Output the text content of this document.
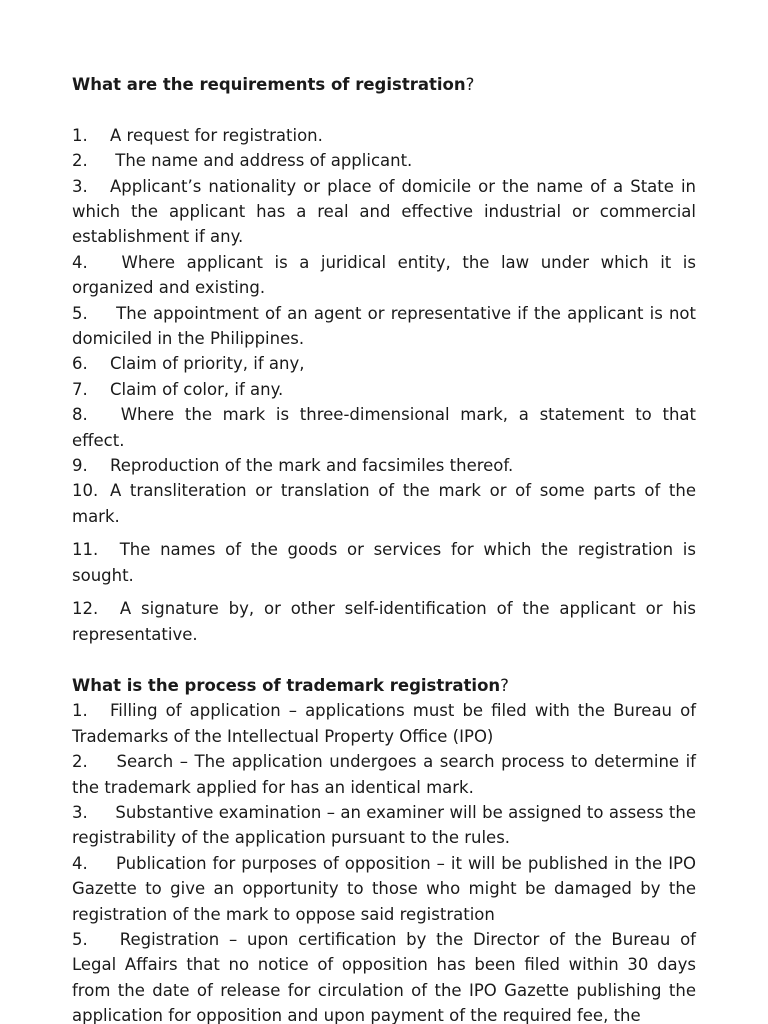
What are the requirements of registration?

1. A request for registration.

2. The name and address of applicant.

3. Applicant’s nationality or place of domicile or the name of a State in which the applicant has a real and effective industrial or commercial establishment if any.

4. Where applicant is a juridical entity, the law under which it is organized and existing.

5. The appointment of an agent or representative if the applicant is not domiciled in the Philippines.

6. Claim of priority, if any,

7. Claim of color, if any.

8. Where the mark is three-dimensional mark, a statement to that effect.

9. Reproduction of the mark and facsimiles thereof.

10. A transliteration or translation of the mark or of some parts of the mark.

11. The names of the goods or services for which the registration is sought.

12. A signature by, or other self-identification of the applicant or his representative.

What is the process of trademark registration?

1. Filling of application – applications must be filed with the Bureau of Trademarks of the Intellectual Property Office (IPO)

2. Search – The application undergoes a search process to determine if the trademark applied for has an identical mark.

3. Substantive examination – an examiner will be assigned to assess the registrability of the application pursuant to the rules.

4. Publication for purposes of opposition – it will be published in the IPO Gazette to give an opportunity to those who might be damaged by the registration of the mark to oppose said registration

5. Registration – upon certification by the Director of the Bureau of Legal Affairs that no notice of opposition has been filed within 30 days from the date of release for circulation of the IPO Gazette publishing the application for opposition and upon payment of the required fee, the
